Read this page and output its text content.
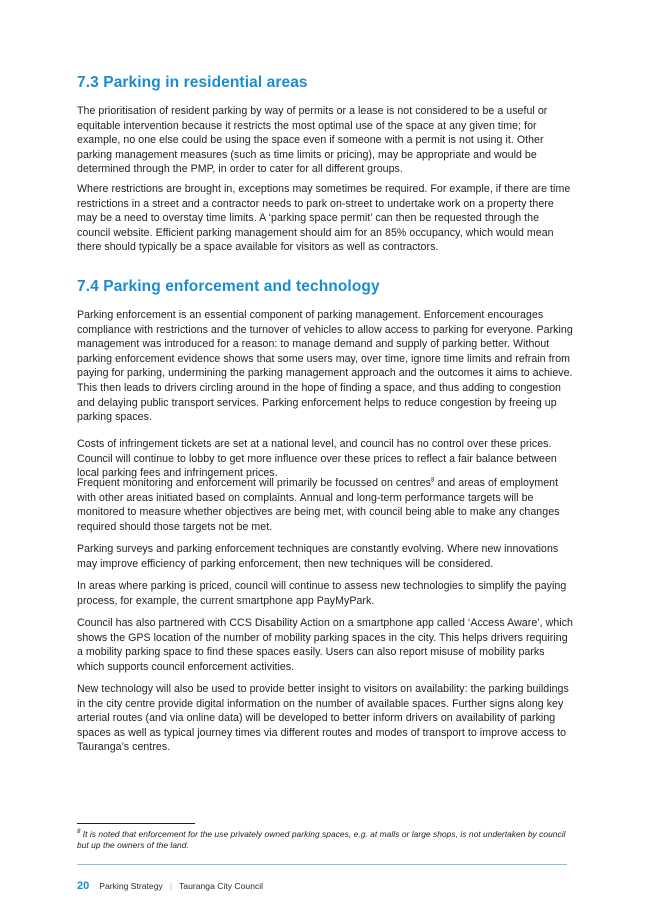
7.3 Parking in residential areas

The prioritisation of resident parking by way of permits or a lease is not considered to be a useful or equitable intervention because it restricts the most optimal use of the space at any given time; for example, no one else could be using the space even if someone with a permit is not using it. Other parking management measures (such as time limits or pricing), may be appropriate and would be determined through the PMP, in order to cater for all different groups.

Where restrictions are brought in, exceptions may sometimes be required. For example, if there are time restrictions in a street and a contractor needs to park on-street to undertake work on a property there may be a need to overstay time limits. A ‘parking space permit’ can then be requested through the council website. Efficient parking management should aim for an 85% occupancy, which would mean there should typically be a space available for visitors as well as contractors.

7.4 Parking enforcement and technology

Parking enforcement is an essential component of parking management. Enforcement encourages compliance with restrictions and the turnover of vehicles to allow access to parking for everyone. Parking management was introduced for a reason: to manage demand and supply of parking better. Without parking enforcement evidence shows that some users may, over time, ignore time limits and refrain from paying for parking, undermining the parking management approach and the outcomes it aims to achieve. This then leads to drivers circling around in the hope of finding a space, and thus adding to congestion and delaying public transport services. Parking enforcement helps to reduce congestion by freeing up parking spaces.

Costs of infringement tickets are set at a national level, and council has no control over these prices. Council will continue to lobby to get more influence over these prices to reflect a fair balance between local parking fees and infringement prices.

Frequent monitoring and enforcement will primarily be focussed on centres$^8$ and areas of employment with other areas initiated based on complaints. Annual and long-term performance targets will be monitored to measure whether objectives are being met, with council being able to make any changes required should those targets not be met.

Parking surveys and parking enforcement techniques are constantly evolving. Where new innovations may improve efficiency of parking enforcement, then new techniques will be considered.

In areas where parking is priced, council will continue to assess new technologies to simplify the paying process, for example, the current smartphone app PayMyPark.

Council has also partnered with CCS Disability Action on a smartphone app called ‘Access Aware’, which shows the GPS location of the number of mobility parking spaces in the city. This helps drivers requiring a mobility parking space to find these spaces easily. Users can also report misuse of mobility parks which supports council enforcement activities.

New technology will also be used to provide better insight to visitors on availability: the parking buildings in the city centre provide digital information on the number of available spaces. Further signs along key arterial routes (and via online data) will be developed to better inform drivers on availability of parking spaces as well as typical journey times via different routes and modes of transport to improve access to Tauranga’s centres.

$^8$ It is noted that enforcement for the use privately owned parking spaces, e.g. at malls or large shops, is not undertaken by council but up the owners of the land.

20 Parking Strategy | Tauranga City Council
